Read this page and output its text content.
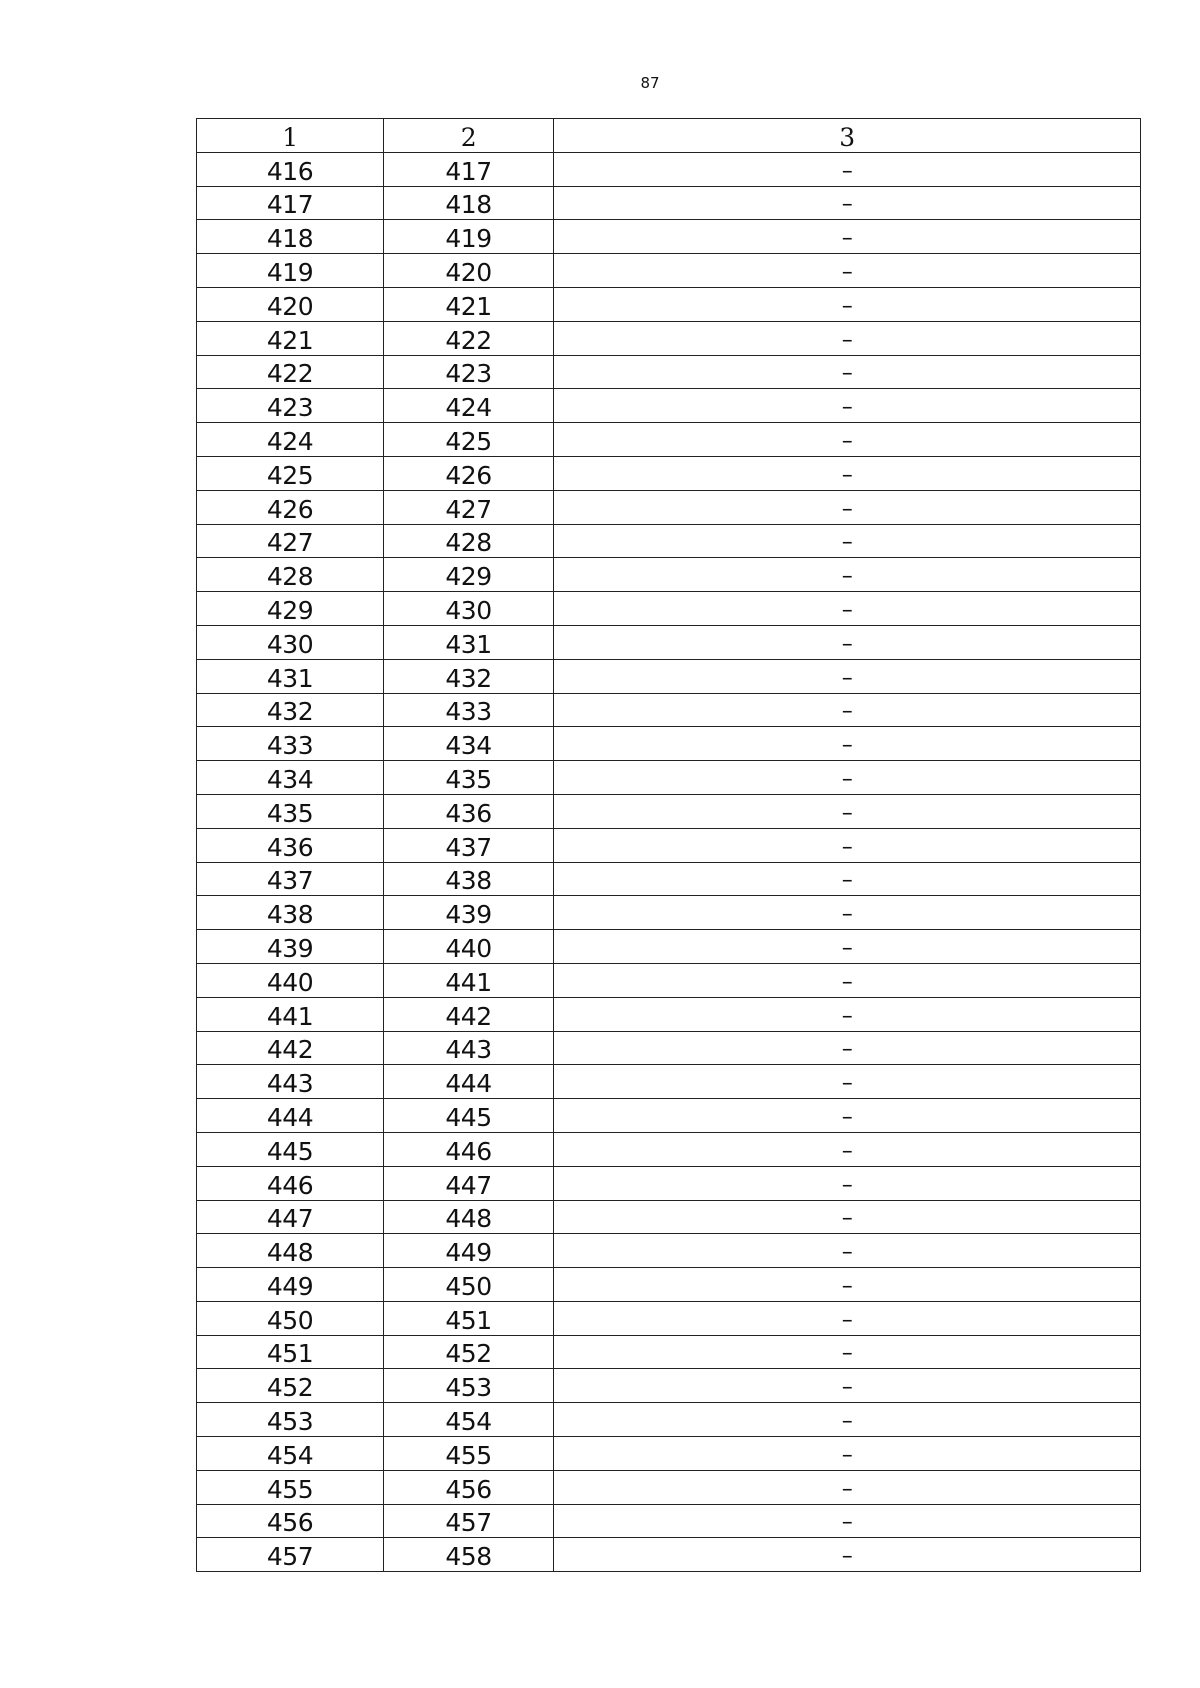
87
1	2	3
416	417	–
417	418	–
418	419	–
419	420	–
420	421	–
421	422	–
422	423	–
423	424	–
424	425	–
425	426	–
426	427	–
427	428	–
428	429	–
429	430	–
430	431	–
431	432	–
432	433	–
433	434	–
434	435	–
435	436	–
436	437	–
437	438	–
438	439	–
439	440	–
440	441	–
441	442	–
442	443	–
443	444	–
444	445	–
445	446	–
446	447	–
447	448	–
448	449	–
449	450	–
450	451	–
451	452	–
452	453	–
453	454	–
454	455	–
455	456	–
456	457	–
457	458	–
